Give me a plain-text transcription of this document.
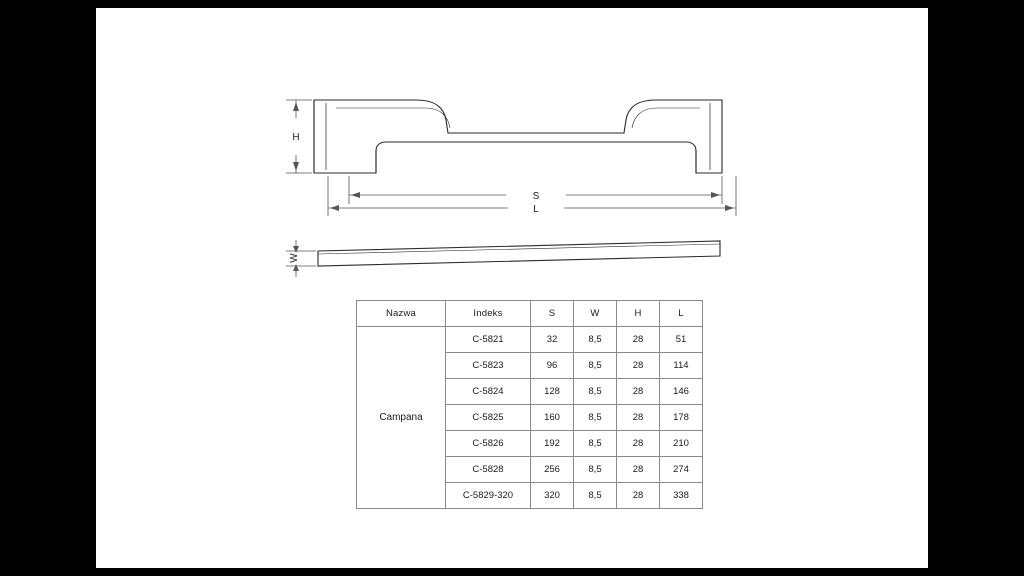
H
S
L
W
Nazwa	Indeks	S	W	H	L
Campana	C-5821	32	8,5	28	51
	C-5823	96	8,5	28	114
	C-5824	128	8,5	28	146
	C-5825	160	8,5	28	178
	C-5826	192	8,5	28	210
	C-5828	256	8,5	28	274
	C-5829-320	320	8,5	28	338
